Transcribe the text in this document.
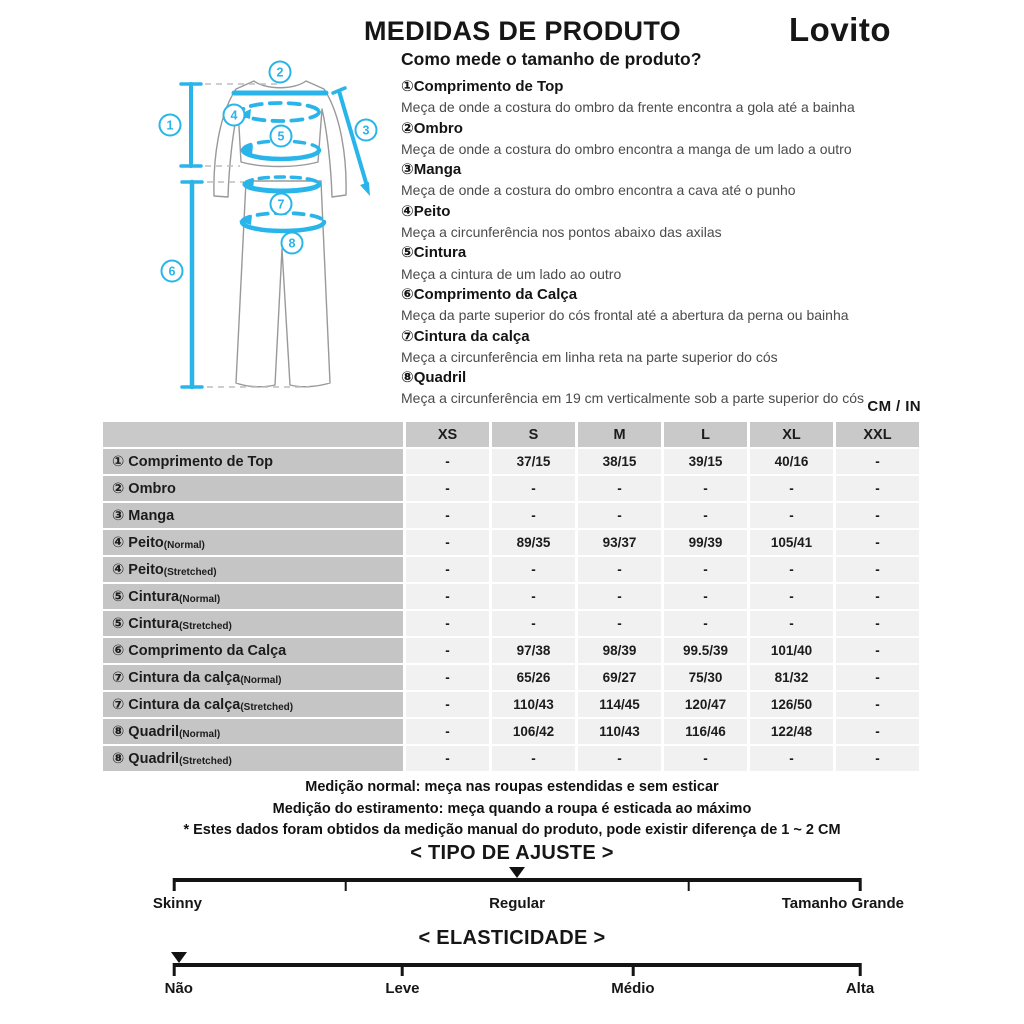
MEDIDAS DE PRODUTO	Lovito
Como mede o tamanho de produto?
1
2
3
4
5
6
7
8
①Comprimento de Top
Meça de onde a costura do ombro da frente encontra a gola até a bainha
②Ombro
Meça de onde a costura do ombro encontra a manga de um lado a outro
③Manga
Meça de onde a costura do ombro encontra a cava até o punho
④Peito
Meça a circunferência nos pontos abaixo das axilas
⑤Cintura
Meça a cintura de um lado ao outro
⑥Comprimento da Calça
Meça da parte superior do cós frontal até a abertura da perna ou bainha
⑦Cintura da calça
Meça a circunferência em linha reta na parte superior do cós
⑧Quadril
Meça a circunferência em 19 cm verticalmente sob a parte superior do cós CM / IN
	XS	S	M	L	XL	XXL
① Comprimento de Top	-	37/15	38/15	39/15	40/16	-
② Ombro	-	-	-	-	-	-
③ Manga	-	-	-	-	-	-
④ Peito(Normal)	-	89/35	93/37	99/39	105/41	-
④ Peito(Stretched)	-	-	-	-	-	-
⑤ Cintura(Normal)	-	-	-	-	-	-
⑤ Cintura(Stretched)	-	-	-	-	-	-
⑥ Comprimento da Calça	-	97/38	98/39	99.5/39	101/40	-
⑦ Cintura da calça(Normal)	-	65/26	69/27	75/30	81/32	-
⑦ Cintura da calça(Stretched)	-	110/43	114/45	120/47	126/50	-
⑧ Quadril(Normal)	-	106/42	110/43	116/46	122/48	-
⑧ Quadril(Stretched)	-	-	-	-	-	-
Medição normal: meça nas roupas estendidas e sem esticar
Medição do estiramento: meça quando a roupa é esticada ao máximo
* Estes dados foram obtidos da medição manual do produto, pode existir diferença de 1 ~ 2 CM
< TIPO DE AJUSTE >
Skinny	Regular	Tamanho Grande
< ELASTICIDADE >
Não	Leve	Médio	Alta
